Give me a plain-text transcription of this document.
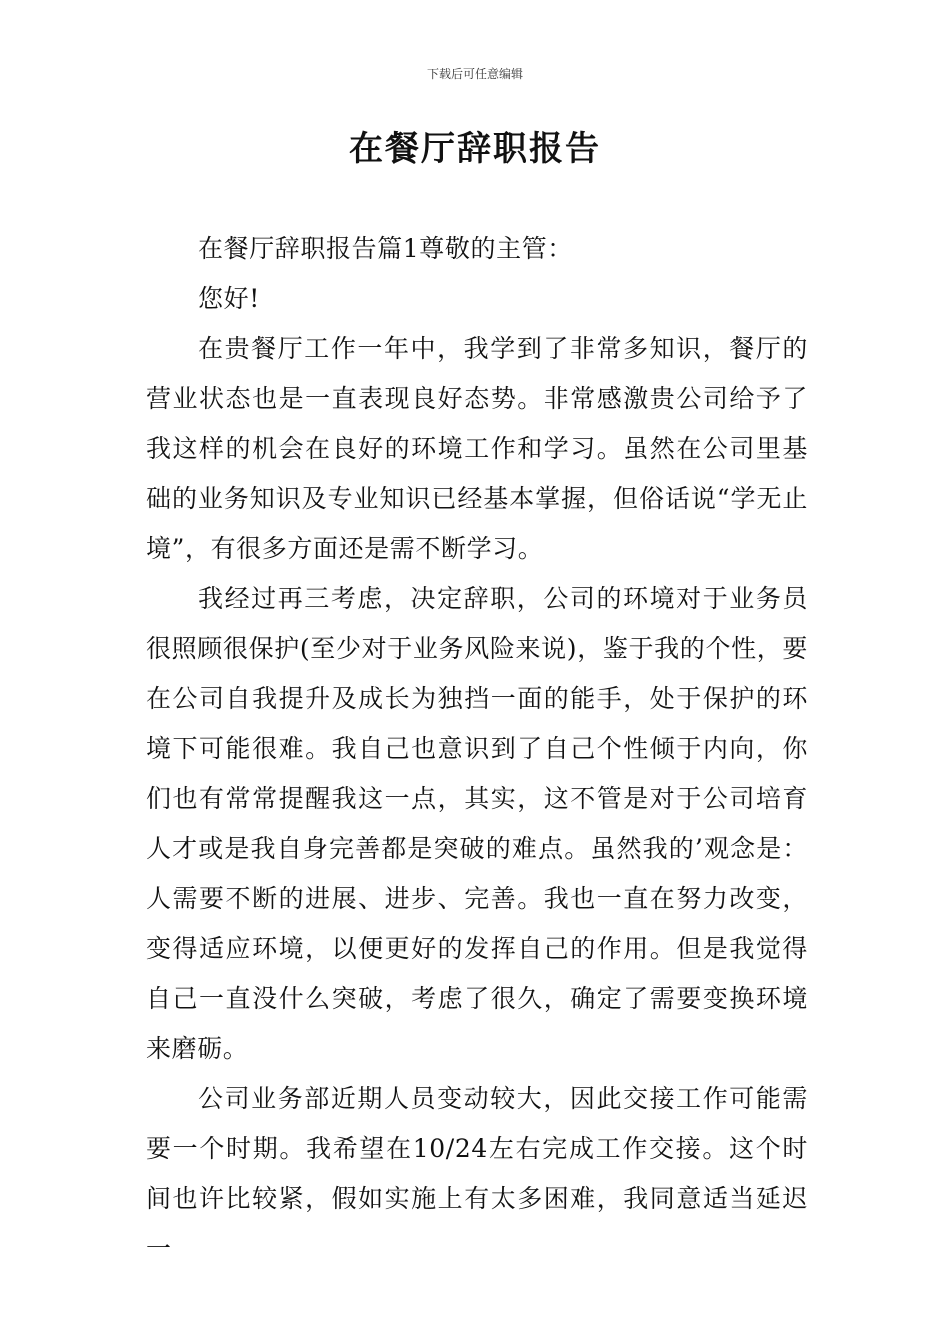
下载后可任意编辑
在餐厅辞职报告

在餐厅辞职报告篇1尊敬的主管：

您好!

在贵餐厅工作一年中，我学到了非常多知识，餐厅的营业状态也是一直表现良好态势。非常感激贵公司给予了我这样的机会在良好的环境工作和学习。虽然在公司里基础的业务知识及专业知识已经基本掌握，但俗话说“学无止境”，有很多方面还是需不断学习。

我经过再三考虑，决定辞职，公司的环境对于业务员很照顾很保护(至少对于业务风险来说)，鉴于我的个性，要在公司自我提升及成长为独挡一面的能手，处于保护的环境下可能很难。我自己也意识到了自己个性倾于内向，你们也有常常提醒我这一点，其实，这不管是对于公司培育人才或是我自身完善都是突破的难点。虽然我的’观念是：人需要不断的进展、进步、完善。我也一直在努力改变，变得适应环境，以便更好的发挥自己的作用。但是我觉得自己一直没什么突破，考虑了很久，确定了需要变换环境来磨砺。

公司业务部近期人员变动较大，因此交接工作可能需要一个时期。我希望在10/24左右完成工作交接。这个时间也许比较紧，假如实施上有太多困难，我同意适当延迟一
